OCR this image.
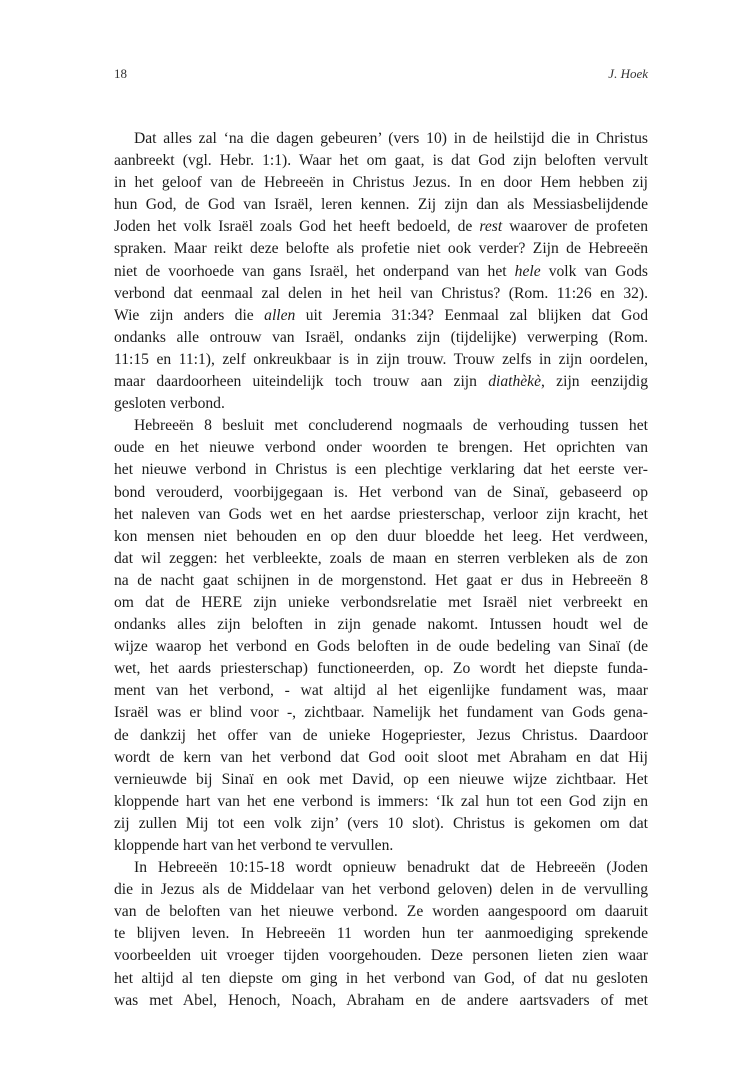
18	J. Hoek
Dat alles zal ‘na die dagen gebeuren’ (vers 10) in de heilstijd die in Christus
aanbreekt (vgl. Hebr. 1:1). Waar het om gaat, is dat God zijn beloften vervult
in het geloof van de Hebreeën in Christus Jezus. In en door Hem hebben zij
hun God, de God van Israël, leren kennen. Zij zijn dan als Messiasbelijdende
Joden het volk Israël zoals God het heeft bedoeld, de rest waarover de profeten
spraken. Maar reikt deze belofte als profetie niet ook verder? Zijn de Hebreeën
niet de voorhoede van gans Israël, het onderpand van het hele volk van Gods
verbond dat eenmaal zal delen in het heil van Christus? (Rom. 11:26 en 32).
Wie zijn anders die allen uit Jeremia 31:34? Eenmaal zal blijken dat God
ondanks alle ontrouw van Israël, ondanks zijn (tijdelijke) verwerping (Rom.
11:15 en 11:1), zelf onkreukbaar is in zijn trouw. Trouw zelfs in zijn oordelen,
maar daardoorheen uiteindelijk toch trouw aan zijn diathèkè, zijn eenzijdig
gesloten verbond.
Hebreeën 8 besluit met concluderend nogmaals de verhouding tussen het
oude en het nieuwe verbond onder woorden te brengen. Het oprichten van
het nieuwe verbond in Christus is een plechtige verklaring dat het eerste ver-
bond verouderd, voorbijgegaan is. Het verbond van de Sinaï, gebaseerd op
het naleven van Gods wet en het aardse priesterschap, verloor zijn kracht, het
kon mensen niet behouden en op den duur bloedde het leeg. Het verdween,
dat wil zeggen: het verbleekte, zoals de maan en sterren verbleken als de zon
na de nacht gaat schijnen in de morgenstond. Het gaat er dus in Hebreeën 8
om dat de HERE zijn unieke verbondsrelatie met Israël niet verbreekt en
ondanks alles zijn beloften in zijn genade nakomt. Intussen houdt wel de
wijze waarop het verbond en Gods beloften in de oude bedeling van Sinaï (de
wet, het aards priesterschap) functioneerden, op. Zo wordt het diepste funda-
ment van het verbond, - wat altijd al het eigenlijke fundament was, maar
Israël was er blind voor -, zichtbaar. Namelijk het fundament van Gods gena-
de dankzij het offer van de unieke Hogepriester, Jezus Christus. Daardoor
wordt de kern van het verbond dat God ooit sloot met Abraham en dat Hij
vernieuwde bij Sinaï en ook met David, op een nieuwe wijze zichtbaar. Het
kloppende hart van het ene verbond is immers: ‘Ik zal hun tot een God zijn en
zij zullen Mij tot een volk zijn’ (vers 10 slot). Christus is gekomen om dat
kloppende hart van het verbond te vervullen.
In Hebreeën 10:15-18 wordt opnieuw benadrukt dat de Hebreeën (Joden
die in Jezus als de Middelaar van het verbond geloven) delen in de vervulling
van de beloften van het nieuwe verbond. Ze worden aangespoord om daaruit
te blijven leven. In Hebreeën 11 worden hun ter aanmoediging sprekende
voorbeelden uit vroeger tijden voorgehouden. Deze personen lieten zien waar
het altijd al ten diepste om ging in het verbond van God, of dat nu gesloten
was met Abel, Henoch, Noach, Abraham en de andere aartsvaders of met
